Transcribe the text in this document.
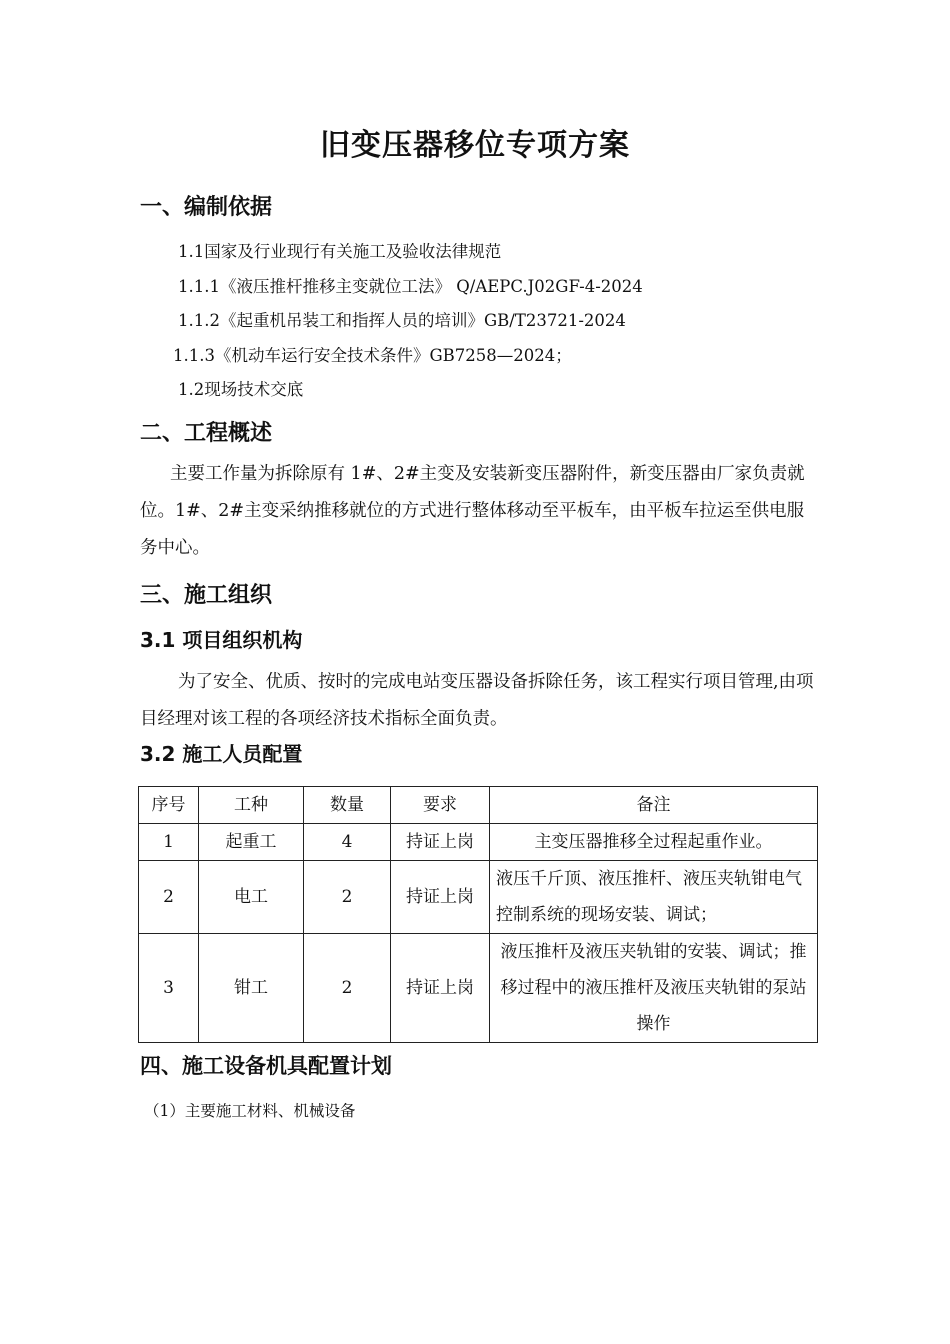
旧变压器移位专项方案
一、编制依据
1.1国家及行业现行有关施工及验收法律规范
1.1.1《液压推杆推移主变就位工法》 Q/AEPC.J02GF-4-2024
1.1.2《起重机吊装工和指挥人员的培训》GB/T23721-2024
1.1.3《机动车运行安全技术条件》GB7258—2024；
1.2现场技术交底
二、工程概述
主要工作量为拆除原有 1#、2#主变及安装新变压器附件，新变压器由厂家负责就位。1#、2#主变采纳推移就位的方式进行整体移动至平板车，由平板车拉运至供电服务中心。
三、施工组织
3.1 项目组织机构
为了安全、优质、按时的完成电站变压器设备拆除任务，该工程实行项目管理,由项目经理对该工程的各项经济技术指标全面负责。
3.2 施工人员配置
序号	工种	数量	要求	备注
1	起重工	4	持证上岗	主变压器推移全过程起重作业。
2	电工	2	持证上岗	液压千斤顶、液压推杆、液压夹轨钳电气控制系统的现场安装、调试；
3	钳工	2	持证上岗	液压推杆及液压夹轨钳的安装、调试；推移过程中的液压推杆及液压夹轨钳的泵站操作
四、施工设备机具配置计划
（1）主要施工材料、机械设备
